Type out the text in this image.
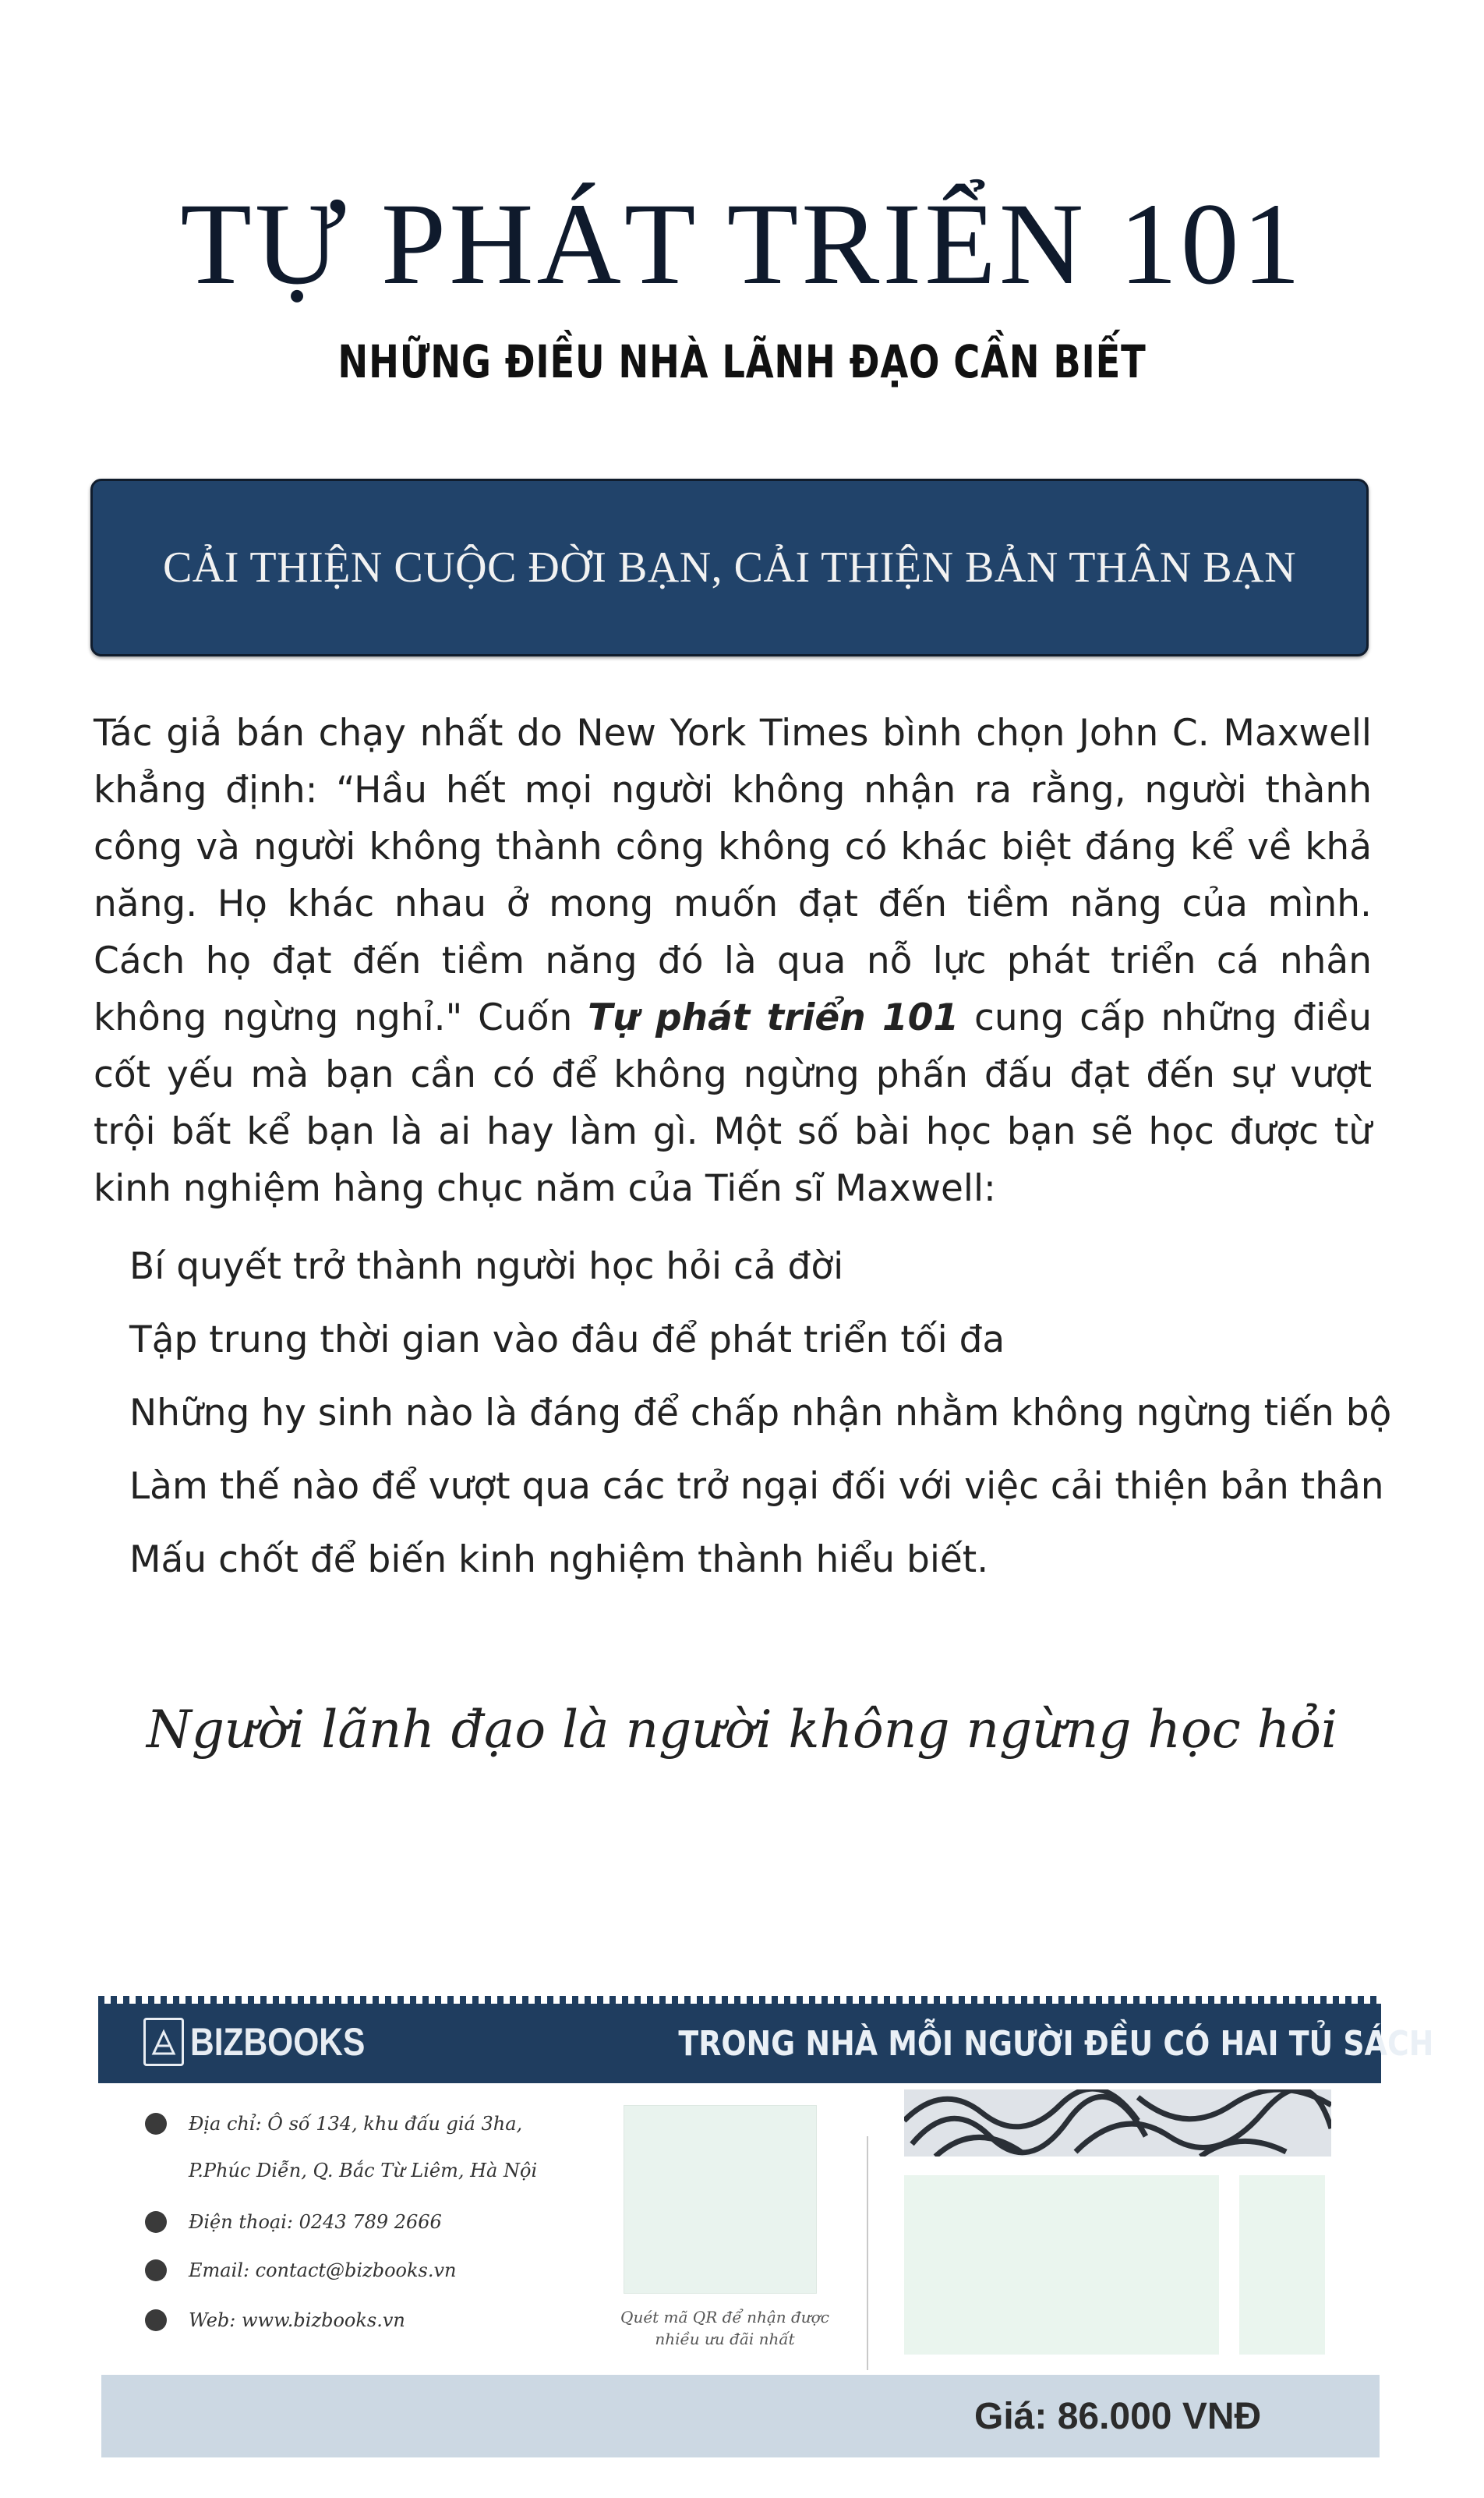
TỰ PHÁT TRIỂN 101
NHỮNG ĐIỀU NHÀ LÃNH ĐẠO CẦN BIẾT
CẢI THIỆN CUỘC ĐỜI BẠN, CẢI THIỆN BẢN THÂN BẠN
Tác giả bán chạy nhất do New York Times bình chọn John C. Maxwell khẳng định: “Hầu hết mọi người không nhận ra rằng, người thành công và người không thành công không có khác biệt đáng kể về khả năng. Họ khác nhau ở mong muốn đạt đến tiềm năng của mình. Cách họ đạt đến tiềm năng đó là qua nỗ lực phát triển cá nhân không ngừng nghỉ." Cuốn Tự phát triển 101 cung cấp những điều cốt yếu mà bạn cần có để không ngừng phấn đấu đạt đến sự vượt trội bất kể bạn là ai hay làm gì. Một số bài học bạn sẽ học được từ kinh nghiệm hàng chục năm của Tiến sĩ Maxwell:
Bí quyết trở thành người học hỏi cả đời
Tập trung thời gian vào đâu để phát triển tối đa
Những hy sinh nào là đáng để chấp nhận nhằm không ngừng tiến bộ
Làm thế nào để vượt qua các trở ngại đối với việc cải thiện bản thân
Mấu chốt để biến kinh nghiệm thành hiểu biết.
Người lãnh đạo là người không ngừng học hỏi
BIZBOOKS	TRONG NHÀ MỖI NGƯỜI ĐỀU CÓ HAI TỦ SÁCH
Địa chỉ: Ô số 134, khu đấu giá 3ha,
P.Phúc Diễn, Q. Bắc Từ Liêm, Hà Nội
Điện thoại: 0243 789 2666
Email: contact@bizbooks.vn
Web: www.bizbooks.vn	Quét mã QR để nhận được nhiều ưu đãi nhất
Giá: 86.000 VNĐ
